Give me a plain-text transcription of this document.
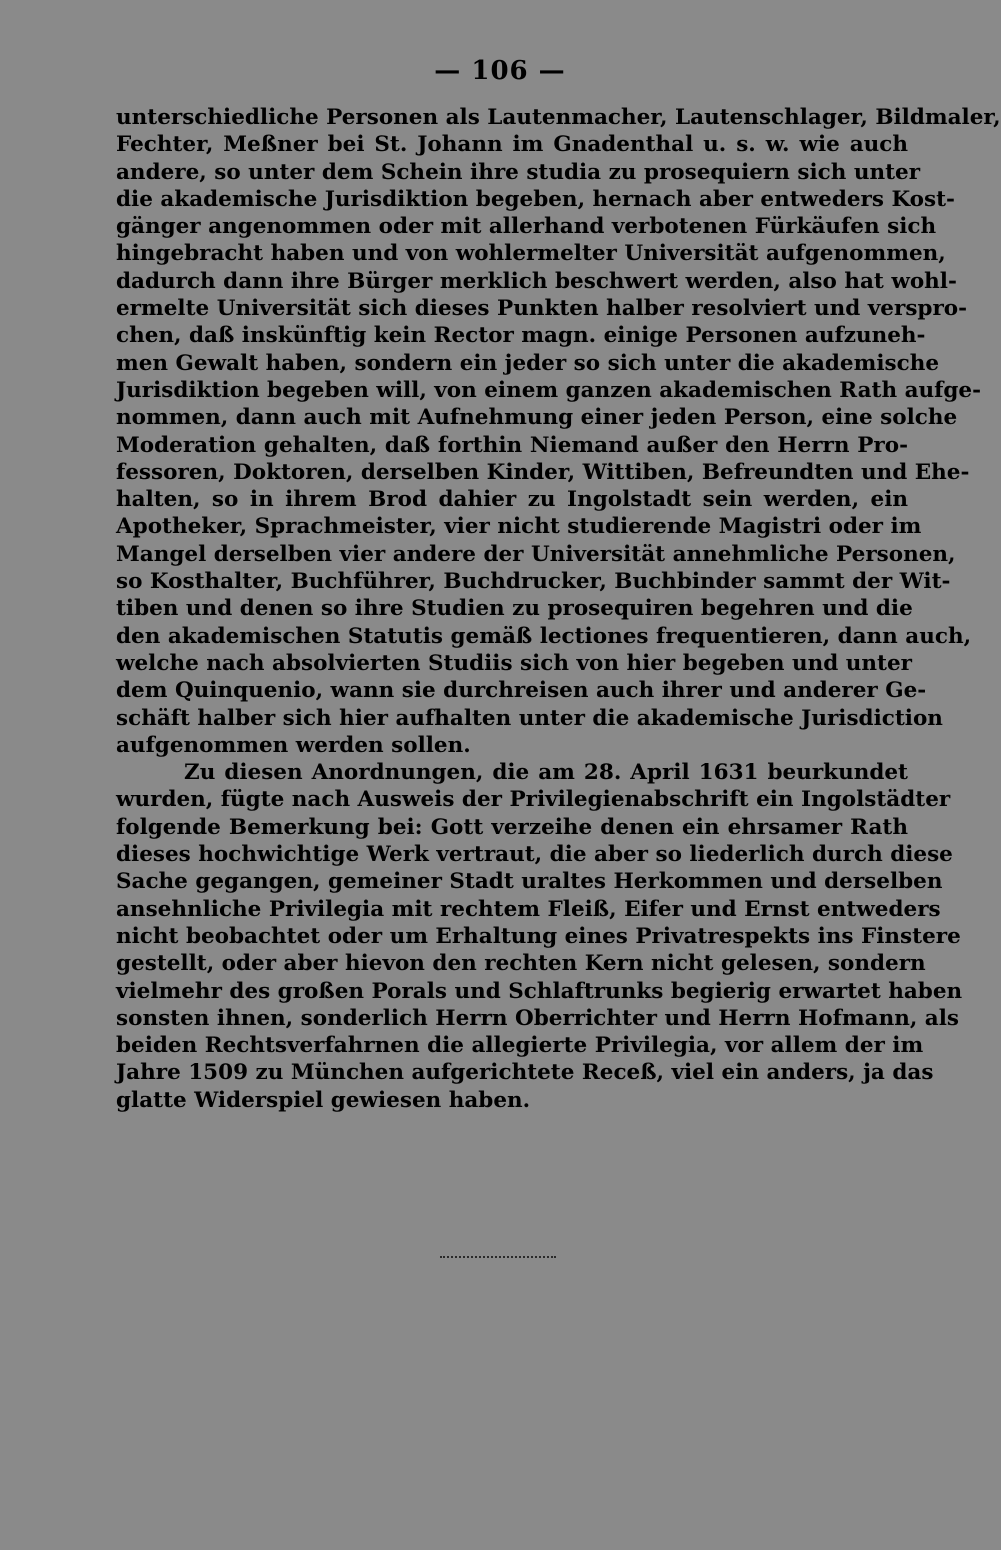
— 106 —
unterschiedliche Personen als Lautenmacher, Lautenschlager, Bildmaler,
Fechter, Meßner bei St. Johann im Gnadenthal u. s. w. wie auch
andere, so unter dem Schein ihre studia zu prosequiern sich unter
die akademische Jurisdiktion begeben, hernach aber entweders Kost-
gänger angenommen oder mit allerhand verbotenen Fürkäufen sich
hingebracht haben und von wohlermelter Universität aufgenommen,
dadurch dann ihre Bürger merklich beschwert werden, also hat wohl-
ermelte Universität sich dieses Punkten halber resolviert und verspro-
chen, daß inskünftig kein Rector magn. einige Personen aufzuneh-
men Gewalt haben, sondern ein jeder so sich unter die akademische
Jurisdiktion begeben will, von einem ganzen akademischen Rath aufge-
nommen, dann auch mit Aufnehmung einer jeden Person, eine solche
Moderation gehalten, daß forthin Niemand außer den Herrn Pro-
fessoren, Doktoren, derselben Kinder, Wittiben, Befreundten und Ehe-
halten, so in ihrem Brod dahier zu Ingolstadt sein werden, ein
Apotheker, Sprachmeister, vier nicht studierende Magistri oder im
Mangel derselben vier andere der Universität annehmliche Personen,
so Kosthalter, Buchführer, Buchdrucker, Buchbinder sammt der Wit-
tiben und denen so ihre Studien zu prosequiren begehren und die
den akademischen Statutis gemäß lectiones frequentieren, dann auch,
welche nach absolvierten Studiis sich von hier begeben und unter
dem Quinquenio, wann sie durchreisen auch ihrer und anderer Ge-
schäft halber sich hier aufhalten unter die akademische Jurisdiction
aufgenommen werden sollen.
Zu diesen Anordnungen, die am 28. April 1631 beurkundet
wurden, fügte nach Ausweis der Privilegienabschrift ein Ingolstädter
folgende Bemerkung bei: Gott verzeihe denen ein ehrsamer Rath
dieses hochwichtige Werk vertraut, die aber so liederlich durch diese
Sache gegangen, gemeiner Stadt uraltes Herkommen und derselben
ansehnliche Privilegia mit rechtem Fleiß, Eifer und Ernst entweders
nicht beobachtet oder um Erhaltung eines Privatrespekts ins Finstere
gestellt, oder aber hievon den rechten Kern nicht gelesen, sondern
vielmehr des großen Porals und Schlaftrunks begierig erwartet haben
sonsten ihnen, sonderlich Herrn Oberrichter und Herrn Hofmann, als
beiden Rechtsverfahrnen die allegierte Privilegia, vor allem der im
Jahre 1509 zu München aufgerichtete Receß, viel ein anders, ja das
glatte Widerspiel gewiesen haben.
